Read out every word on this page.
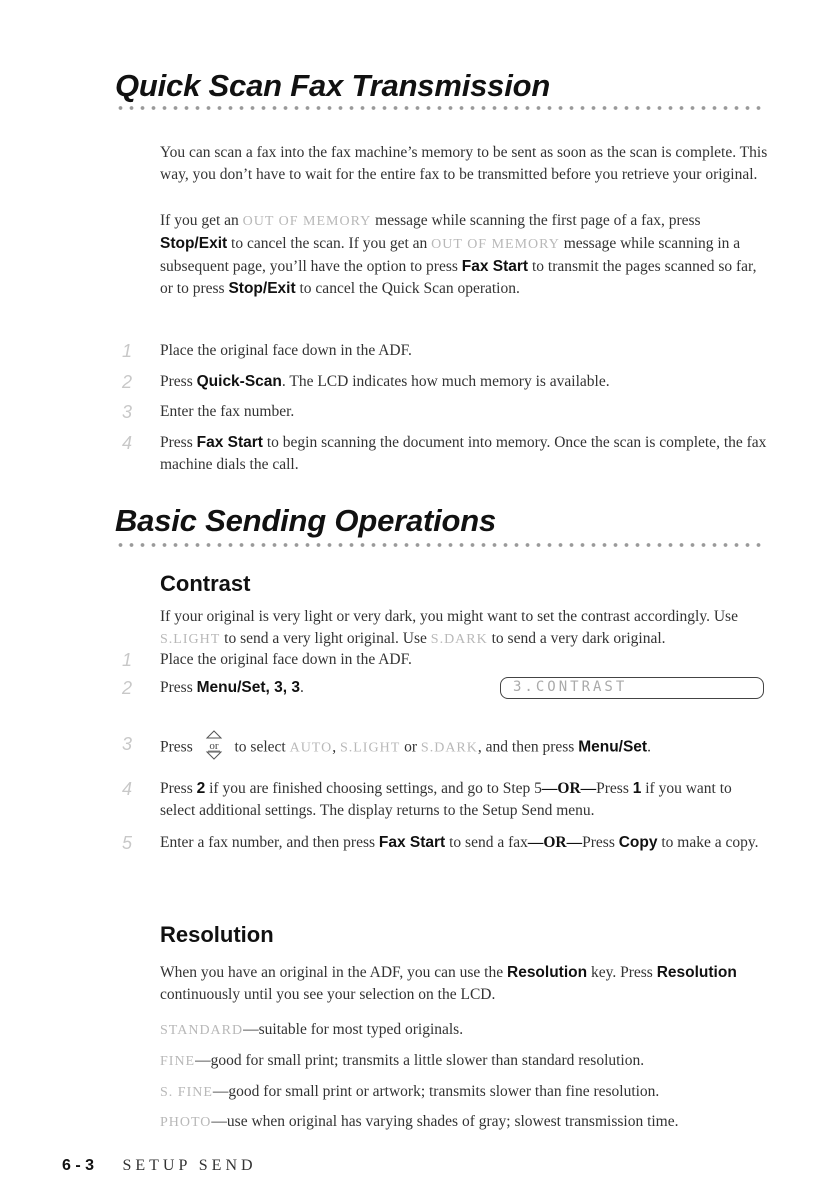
Quick Scan Fax Transmission

You can scan a fax into the fax machine’s memory to be sent as soon as the scan is complete. This way, you don’t have to wait for the entire fax to be transmitted before you retrieve your original.

If you get an OUT OF MEMORY message while scanning the first page of a fax, press Stop/Exit to cancel the scan. If you get an OUT OF MEMORY message while scanning in a subsequent page, you’ll have the option to press Fax Start to transmit the pages scanned so far, or to press Stop/Exit to cancel the Quick Scan operation.

1	Place the original face down in the ADF.
2	Press Quick-Scan. The LCD indicates how much memory is available.
3	Enter the fax number.
4	Press Fax Start to begin scanning the document into memory. Once the scan is complete, the fax machine dials the call.
Basic Sending Operations
Contrast

If your original is very light or very dark, you might want to set the contrast accordingly. Use S.LIGHT to send a very light original. Use S.DARK to send a very dark original.

1	Place the original face down in the ADF.
2	Press Menu/Set, 3, 3.	3.CONTRAST
3	Press or to select AUTO, S.LIGHT or S.DARK, and then press Menu/Set.
4	Press 2 if you are finished choosing settings, and go to Step 5—OR—Press 1 if you want to select additional settings. The display returns to the Setup Send menu.
5	Enter a fax number, and then press Fax Start to send a fax—OR—Press Copy to make a copy.
Resolution

When you have an original in the ADF, you can use the Resolution key. Press Resolution continuously until you see your selection on the LCD.

STANDARD—suitable for most typed originals.

FINE—good for small print; transmits a little slower than standard resolution.

S. FINE—good for small print or artwork; transmits slower than fine resolution.

PHOTO—use when original has varying shades of gray; slowest transmission time.

6 - 3 SETUP SEND
